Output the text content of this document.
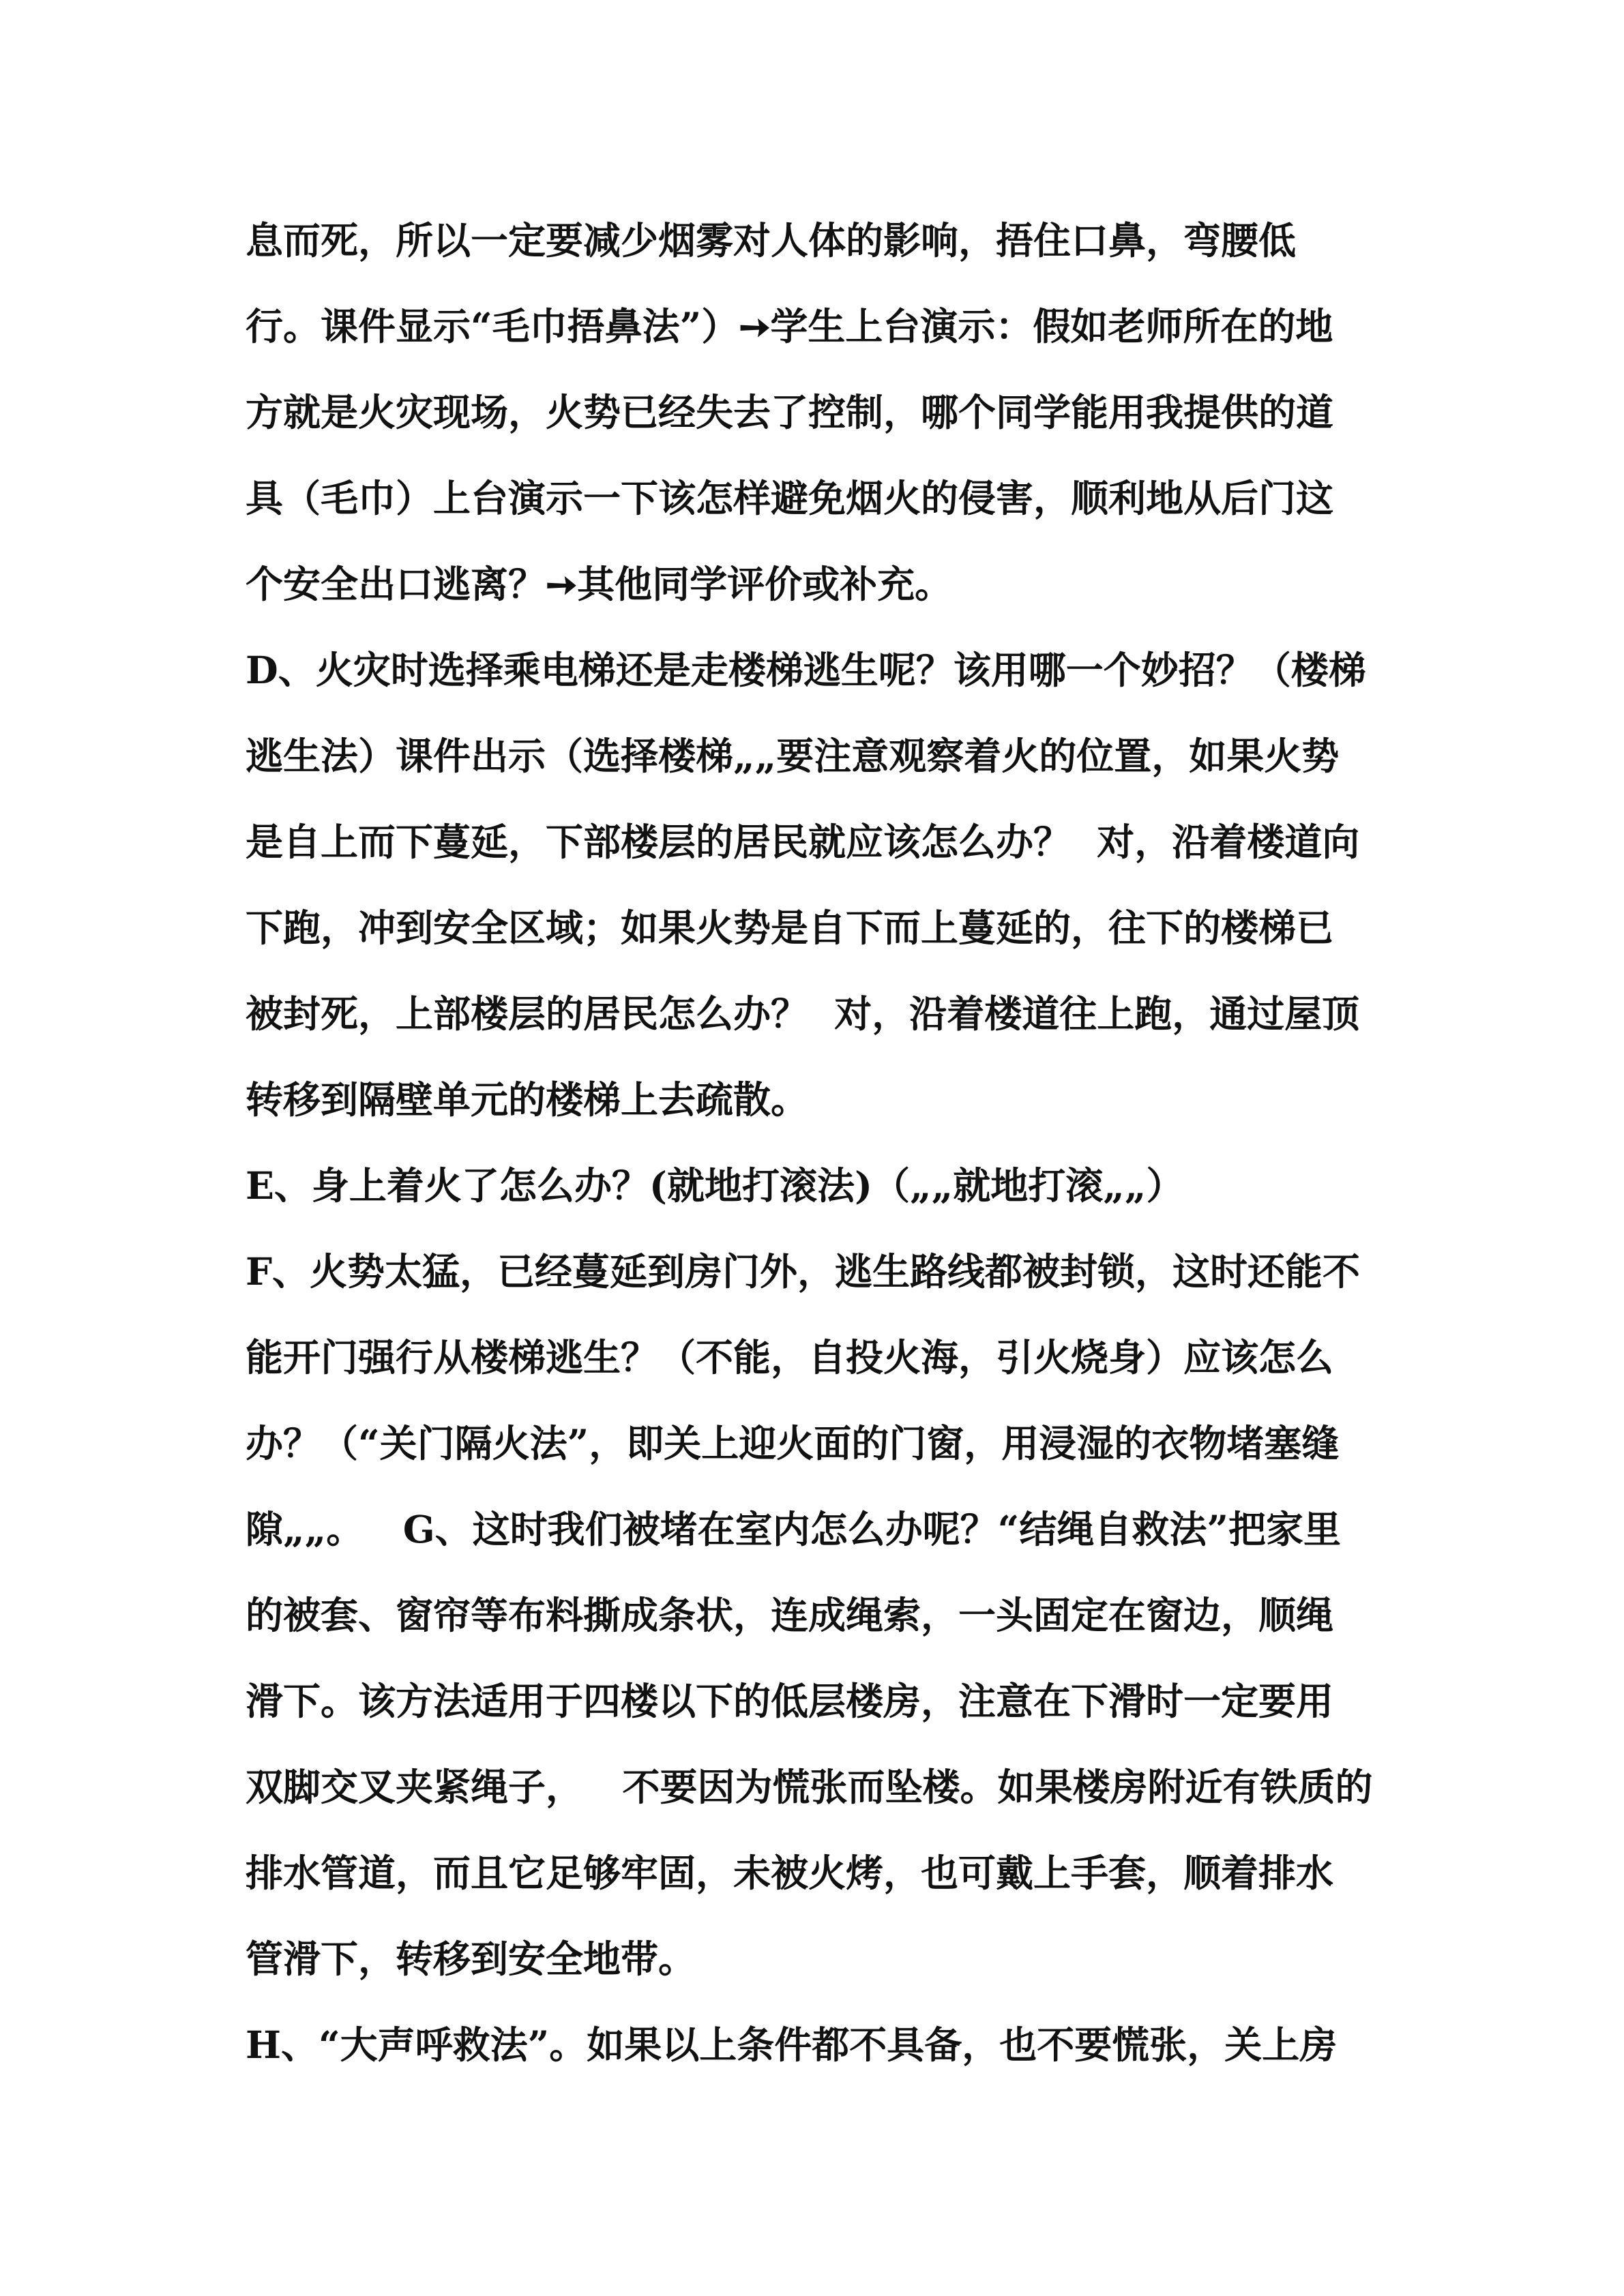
息而死，所以一定要减少烟雾对人体的影响，捂住口鼻，弯腰低
行。课件显示“毛巾捂鼻法”）➙学生上台演示：假如老师所在的地
方就是火灾现场，火势已经失去了控制，哪个同学能用我提供的道
具（毛巾）上台演示一下该怎样避免烟火的侵害，顺利地从后门这
个安全出口逃离？➙其他同学评价或补充。
D、火灾时选择乘电梯还是走楼梯逃生呢？该用哪一个妙招？（楼梯
逃生法）课件出示（选择楼梯„„要注意观察着火的位置，如果火势
是自上而下蔓延，下部楼层的居民就应该怎么办？  对，沿着楼道向
下跑，冲到安全区域；如果火势是自下而上蔓延的，往下的楼梯已
被封死，上部楼层的居民怎么办？  对，沿着楼道往上跑，通过屋顶
转移到隔壁单元的楼梯上去疏散。
E、身上着火了怎么办？(就地打滚法)（„„就地打滚„„）
F、火势太猛，已经蔓延到房门外，逃生路线都被封锁，这时还能不
能开门强行从楼梯逃生？（不能，自投火海，引火烧身）应该怎么
办？（“关门隔火法”，即关上迎火面的门窗，用浸湿的衣物堵塞缝
隙„„。   G、这时我们被堵在室内怎么办呢？“结绳自救法”把家里
的被套、窗帘等布料撕成条状，连成绳索，一头固定在窗边，顺绳
滑下。该方法适用于四楼以下的低层楼房，注意在下滑时一定要用
双脚交叉夹紧绳子，   不要因为慌张而坠楼。如果楼房附近有铁质的
排水管道，而且它足够牢固，未被火烤，也可戴上手套，顺着排水
管滑下，转移到安全地带。
H、“大声呼救法”。如果以上条件都不具备，也不要慌张，关上房
